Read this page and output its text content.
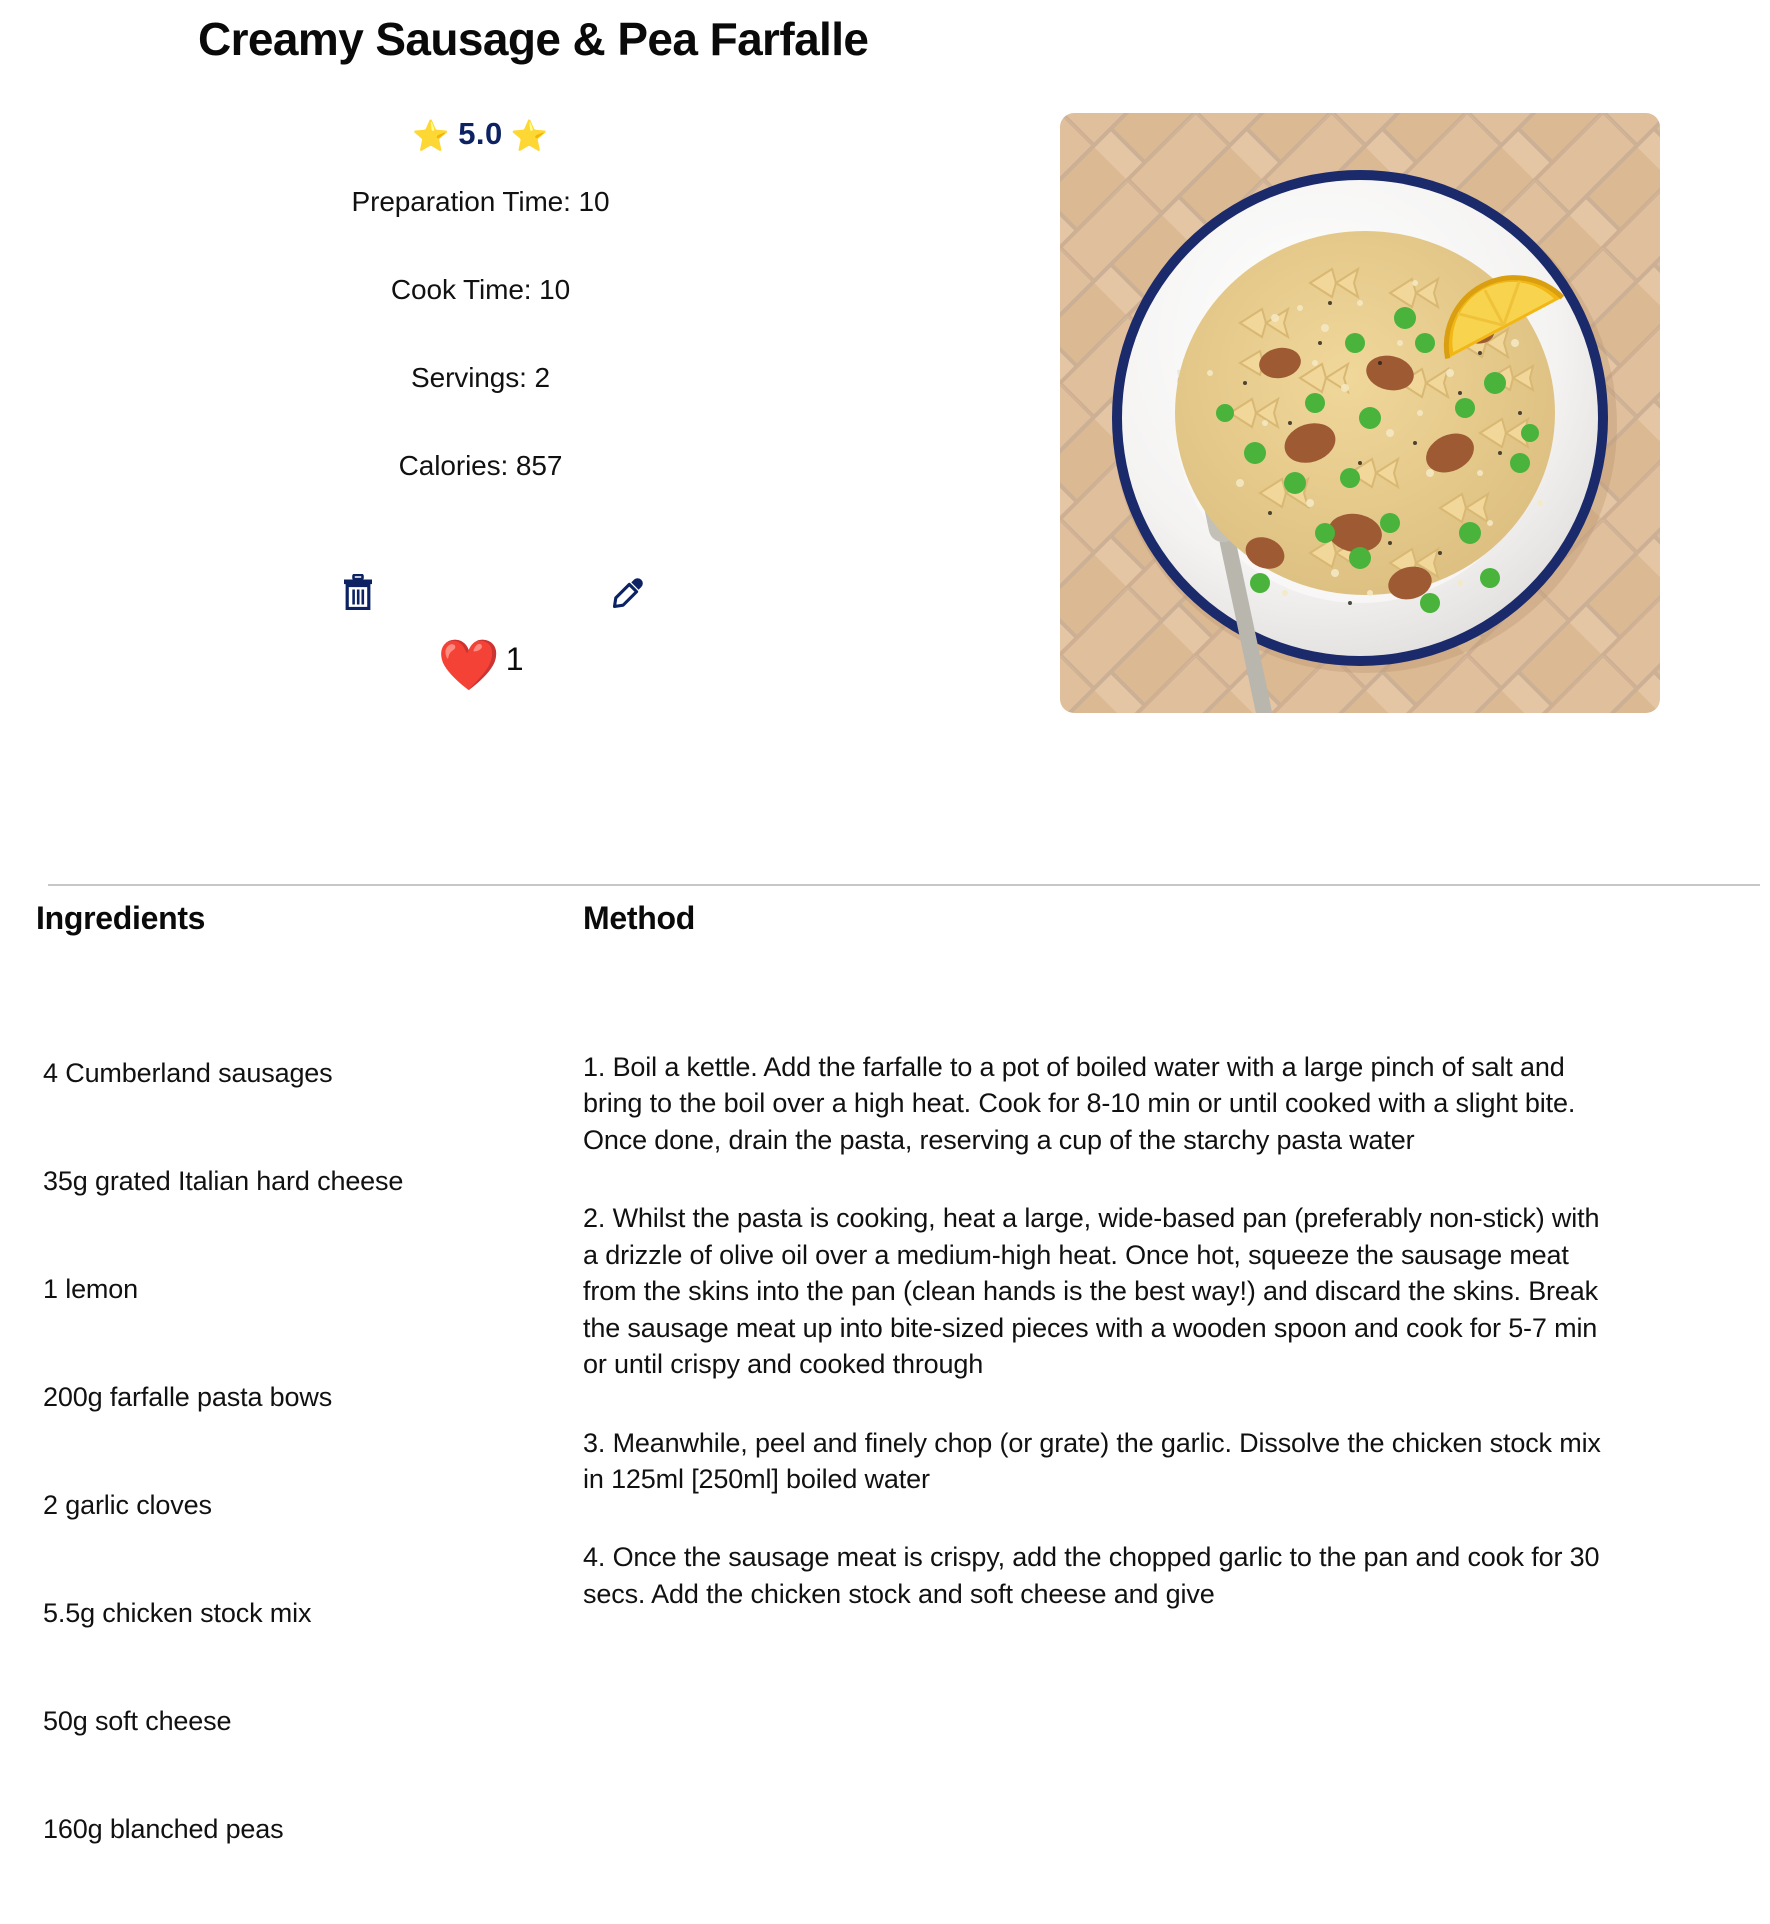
Creamy Sausage & Pea Farfalle
⭐ 5.0 ⭐
Preparation Time: 10
Cook Time: 10
Servings: 2
Calories: 857
❤️ 1
Ingredients
4 Cumberland sausages
35g grated Italian hard cheese
1 lemon
200g farfalle pasta bows
2 garlic cloves
5.5g chicken stock mix
50g soft cheese
160g blanched peas
Method
1. Boil a kettle. Add the farfalle to a pot of boiled water with a large pinch of salt and bring to the boil over a high heat. Cook for 8-10 min or until cooked with a slight bite. Once done, drain the pasta, reserving a cup of the starchy pasta water
2. Whilst the pasta is cooking, heat a large, wide-based pan (preferably non-stick) with a drizzle of olive oil over a medium-high heat. Once hot, squeeze the sausage meat from the skins into the pan (clean hands is the best way!) and discard the skins. Break the sausage meat up into bite-sized pieces with a wooden spoon and cook for 5-7 min or until crispy and cooked through
3. Meanwhile, peel and finely chop (or grate) the garlic. Dissolve the chicken stock mix in 125ml [250ml] boiled water
4. Once the sausage meat is crispy, add the chopped garlic to the pan and cook for 30 secs. Add the chicken stock and soft cheese and give
